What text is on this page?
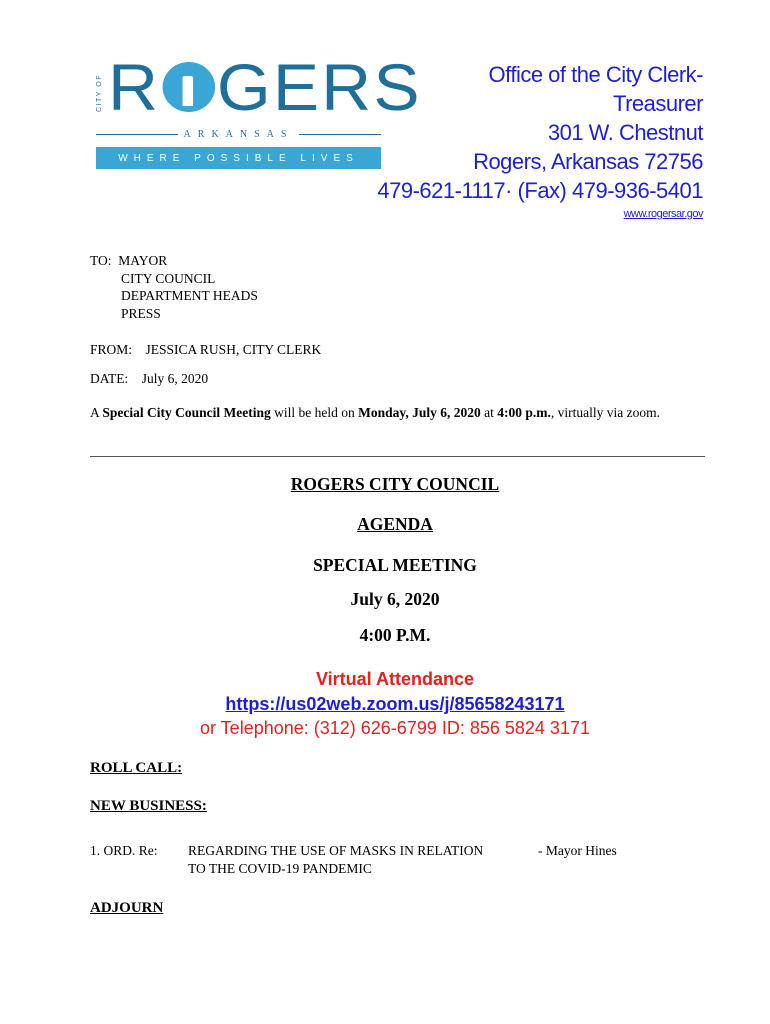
CITY OF R GERS
ARKANSAS
WHERE POSSIBLE LIVES
Office of the City Clerk-
Treasurer
301 W. Chestnut
Rogers, Arkansas 72756
479-621-1117· (Fax) 479-936-5401
www.rogersar.gov
TO: MAYOR
CITY COUNCIL
DEPARTMENT HEADS
PRESS
FROM: JESSICA RUSH, CITY CLERK
DATE: July 6, 2020
A Special City Council Meeting will be held on Monday, July 6, 2020 at 4:00 p.m., virtually via zoom.
ROGERS CITY COUNCIL
AGENDA
SPECIAL MEETING
July 6, 2020
4:00 P.M.
Virtual Attendance
https://us02web.zoom.us/j/85658243171
or Telephone: (312) 626-6799 ID: 856 5824 3171
ROLL CALL:
NEW BUSINESS:
1. ORD. Re: REGARDING THE USE OF MASKS IN RELATION
TO THE COVID-19 PANDEMIC
- Mayor Hines
ADJOURN
